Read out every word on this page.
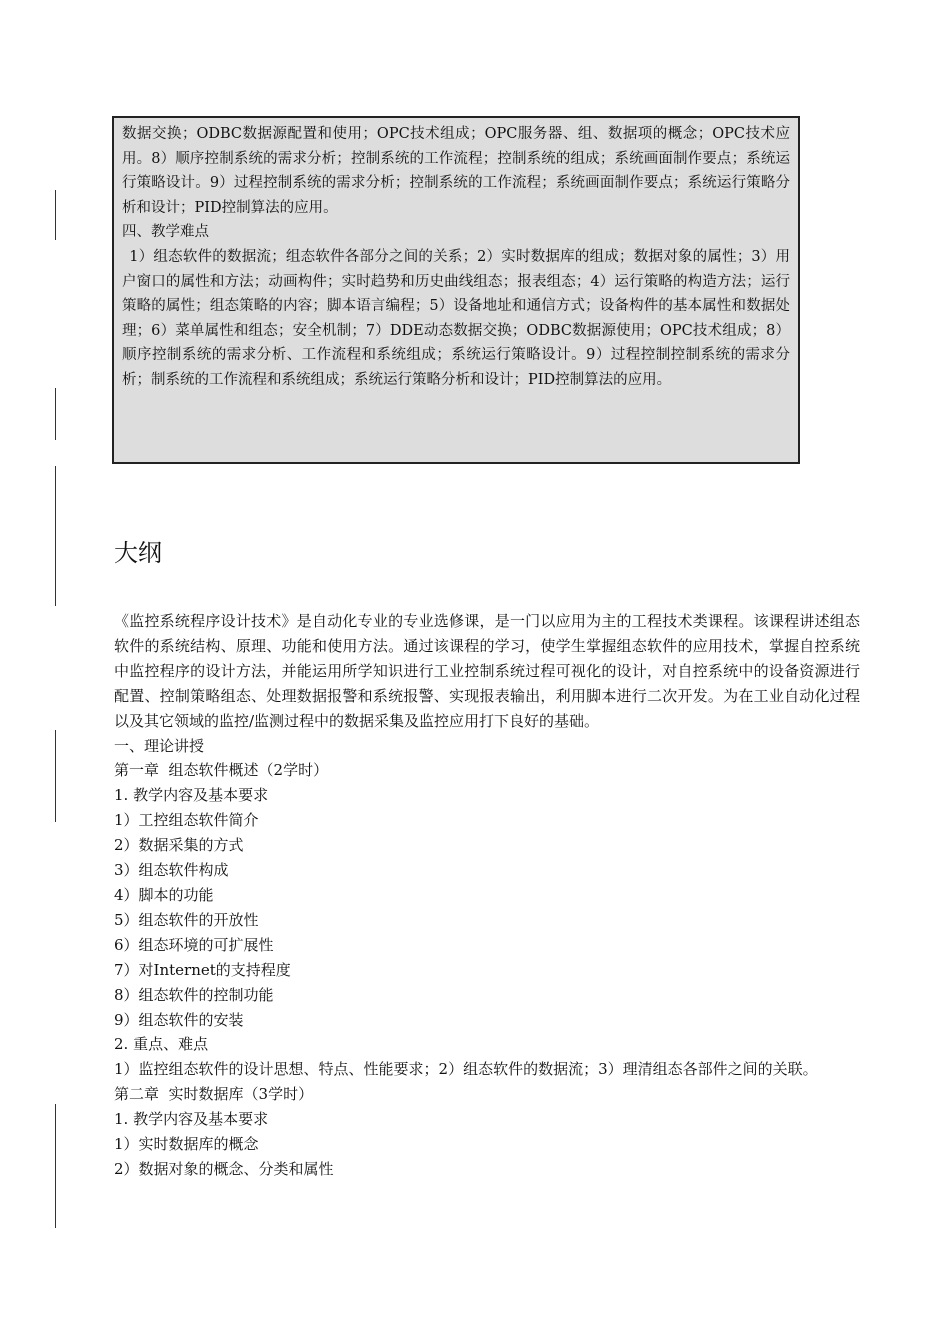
数据交换；ODBC数据源配置和使用；OPC技术组成；OPC服务器、组、数据项的概念；OPC技术应用。8）顺序控制系统的需求分析；控制系统的工作流程；控制系统的组成；系统画面制作要点；系统运行策略设计。9）过程控制系统的需求分析；控制系统的工作流程；系统画面制作要点；系统运行策略分析和设计；PID控制算法的应用。

四、教学难点

1）组态软件的数据流；组态软件各部分之间的关系；2）实时数据库的组成；数据对象的属性；3）用户窗口的属性和方法；动画构件；实时趋势和历史曲线组态；报表组态；4）运行策略的构造方法；运行策略的属性；组态策略的内容；脚本语言编程；5）设备地址和通信方式；设备构件的基本属性和数据处理；6）菜单属性和组态；安全机制；7）DDE动态数据交换；ODBC数据源使用；OPC技术组成；8）顺序控制系统的需求分析、工作流程和系统组成；系统运行策略设计。9）过程控制控制系统的需求分析；制系统的工作流程和系统组成；系统运行策略分析和设计；PID控制算法的应用。

大纲

《监控系统程序设计技术》是自动化专业的专业选修课，是一门以应用为主的工程技术类课程。该课程讲述组态软件的系统结构、原理、功能和使用方法。通过该课程的学习，使学生掌握组态软件的应用技术，掌握自控系统中监控程序的设计方法，并能运用所学知识进行工业控制系统过程可视化的设计，对自控系统中的设备资源进行配置、控制策略组态、处理数据报警和系统报警、实现报表输出，利用脚本进行二次开发。为在工业自动化过程以及其它领域的监控/监测过程中的数据采集及监控应用打下良好的基础。

一、理论讲授

第一章  组态软件概述（2学时）

1. 教学内容及基本要求

1）工控组态软件简介

2）数据采集的方式

3）组态软件构成

4）脚本的功能

5）组态软件的开放性

6）组态环境的可扩展性

7）对Internet的支持程度

8）组态软件的控制功能

9）组态软件的安装

2. 重点、难点

1）监控组态软件的设计思想、特点、性能要求；2）组态软件的数据流；3）理清组态各部件之间的关联。

第二章  实时数据库（3学时）

1. 教学内容及基本要求

1）实时数据库的概念

2）数据对象的概念、分类和属性
